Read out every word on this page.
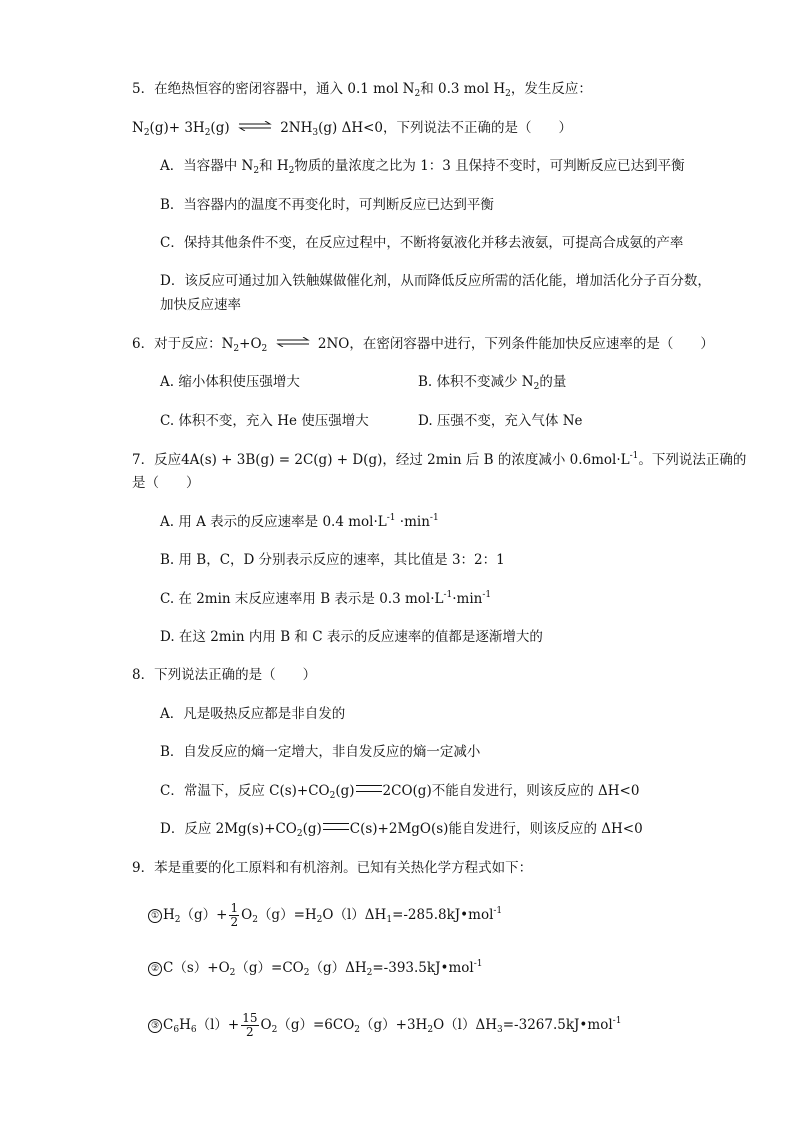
5．在绝热恒容的密闭容器中，通入 0.1 mol $N_2$和 0.3 mol $H_2$，发生反应：
$N_2(g)+ 3H_2(g)$ ⇌ $2NH_3(g)$ ΔH<0，下列说法不正确的是（　　）
A．当容器中 $N_2$和 $H_2$物质的量浓度之比为 1：3 且保持不变时，可判断反应已达到平衡
B．当容器内的温度不再变化时，可判断反应已达到平衡
C．保持其他条件不变，在反应过程中，不断将氨液化并移去液氨，可提高合成氨的产率
D．该反应可通过加入铁触媒做催化剂，从而降低反应所需的活化能，增加活化分子百分数，
加快反应速率
6．对于反应：$N_2+O_2$ ⇌ 2NO，在密闭容器中进行，下列条件能加快反应速率的是（　　）
A. 缩小体积使压强增大	B. 体积不变减少 $N_2$的量
C. 体积不变，充入 He 使压强增大	D. 压强不变，充入气体 Ne
7．反应4A(s) + 3B(g) = 2C(g) + D(g)，经过 2min 后 B 的浓度减小 $0.6mol\cdot L^{-1}$。下列说法正确的
是（　　）
A. 用 A 表示的反应速率是 0.4 $mol\cdot L^{-1} \cdot\min^{-1}$
B. 用 B，C，D 分别表示反应的速率，其比值是 3：2：1
C. 在 2min 末反应速率用 B 表示是 0.3 $mol\cdot L^{-1}\cdot\min^{-1}$
D. 在这 2min 内用 B 和 C 表示的反应速率的值都是逐渐增大的
8．下列说法正确的是（　　）
A．凡是吸热反应都是非自发的
B．自发反应的熵一定增大，非自发反应的熵一定减小
C．常温下，反应 $C(s)+CO_2(g)$ 2CO(g)不能自发进行，则该反应的 ΔH<0
D．反应 $2Mg(s)+CO_2(g)$ C(s)+2MgO(s)能自发进行，则该反应的 ΔH<0
9．苯是重要的化工原料和有机溶剂。已知有关热化学方程式如下：
① $H_2(g)+ \frac{1}{2}$ $O_2(g)=H_2O(l)\Delta H_1=-285.8kJ•mol^{-1}$
② $C(s)+O_2(g)=CO_2(g)\Delta H_2=-393.5kJ•mol^{-1}$
③ $C_6H_6(l)+ \frac{15}{2}$ $O_2(g)=6CO_2(g)+3H_2O(l)\Delta H_3=-3267.5kJ•mol^{-1}$
